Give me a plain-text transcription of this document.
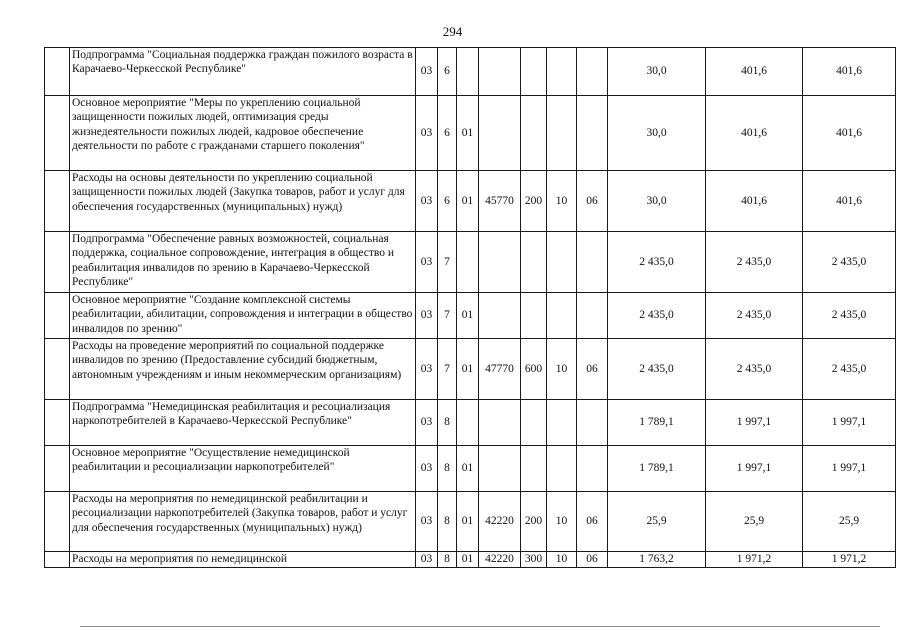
294
	Подпрограмма "Социальная поддержка граждан пожилого возраста в Карачаево-Черкесской Республике"	03	6						30,0	401,6	401,6
	Основное мероприятие "Меры по укреплению социальной защищенности пожилых людей, оптимизация среды жизнедеятельности пожилых людей, кадровое обеспечение деятельности по работе с гражданами старшего поколения"	03	6	01					30,0	401,6	401,6
	Расходы на основы деятельности по укреплению социальной защищенности пожилых людей (Закупка товаров, работ и услуг для обеспечения государственных (муниципальных) нужд)	03	6	01	45770	200	10	06	30,0	401,6	401,6
	Подпрограмма "Обеспечение равных возможностей, социальная поддержка, социальное сопровождение, интеграция в общество и реабилитация инвалидов по зрению в Карачаево-Черкесской Республике"	03	7						2 435,0	2 435,0	2 435,0
	Основное мероприятие "Создание комплексной системы реабилитации, абилитации, сопровождения и интеграции в общество инвалидов по зрению"	03	7	01					2 435,0	2 435,0	2 435,0
	Расходы на проведение мероприятий по социальной поддержке инвалидов по зрению (Предоставление субсидий бюджетным, автономным учреждениям и иным некоммерческим организациям)	03	7	01	47770	600	10	06	2 435,0	2 435,0	2 435,0
	Подпрограмма "Немедицинская реабилитация и ресоциализация наркопотребителей в Карачаево-Черкесской Республике"	03	8						1 789,1	1 997,1	1 997,1
	Основное мероприятие "Осуществление немедицинской реабилитации и ресоциализации наркопотребителей"	03	8	01					1 789,1	1 997,1	1 997,1
	Расходы на мероприятия по немедицинской реабилитации и ресоциализации наркопотребителей (Закупка товаров, работ и услуг для обеспечения государственных (муниципальных) нужд)	03	8	01	42220	200	10	06	25,9	25,9	25,9
	Расходы на мероприятия по немедицинской	03	8	01	42220	300	10	06	1 763,2	1 971,2	1 971,2
